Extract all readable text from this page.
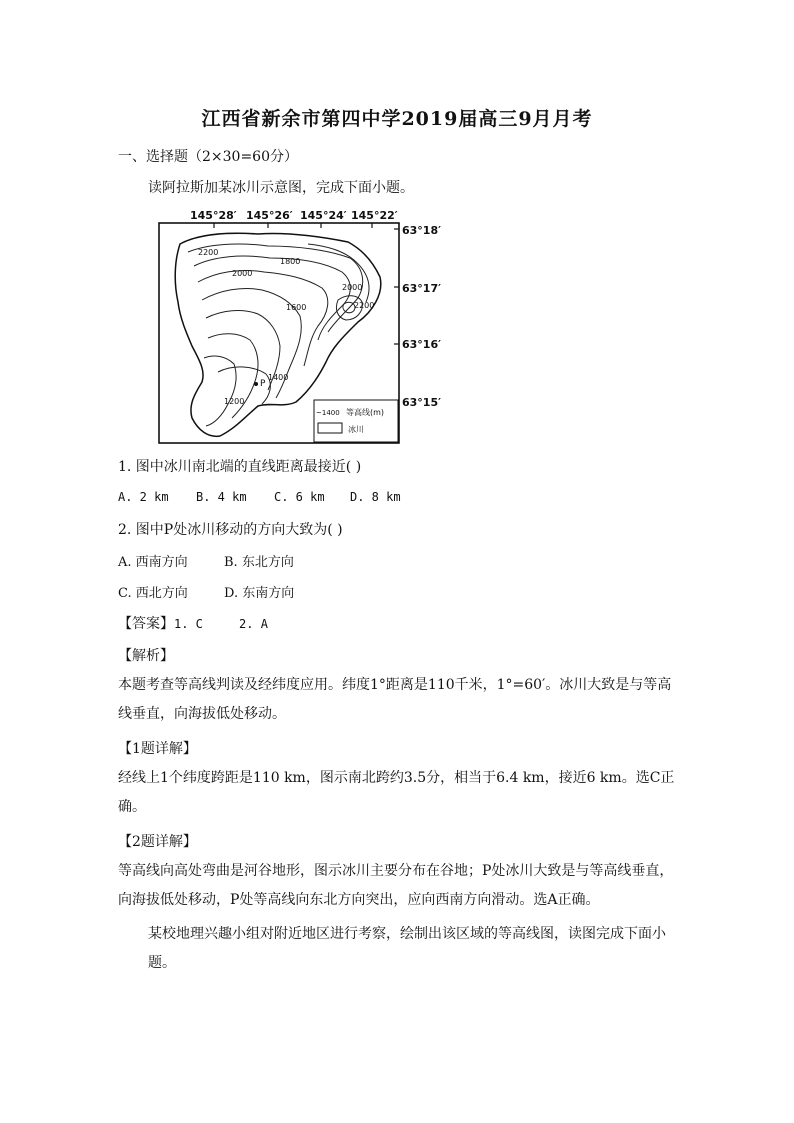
江西省新余市第四中学2019届高三9月月考
一、选择题（2×30=60分）
读阿拉斯加某冰川示意图，完成下面小题。
145°28′ 145°26′ 145°24′ 145°22′
63°18′
63°17′
63°16′
63°15′
2200
2000
1800
1600
2000
2200
1400
1200
P
~1400 等高线(m)
冰川
1. 图中冰川南北端的直线距离最接近( )
A. 2 km B. 4 km C. 6 km D. 8 km
2. 图中P处冰川移动的方向大致为( )
A. 西南方向	B. 东北方向
C. 西北方向	D. 东南方向
【答案】1. C     2. A
【解析】
本题考查等高线判读及经纬度应用。纬度1°距离是110千米，1°=60′。冰川大致是与等高线垂直，向海拔低处移动。
【1题详解】
经线上1个纬度跨距是110 km，图示南北跨约3.5分，相当于6.4 km，接近6 km。选C正确。
【2题详解】
等高线向高处弯曲是河谷地形，图示冰川主要分布在谷地；P处冰川大致是与等高线垂直，向海拔低处移动，P处等高线向东北方向突出，应向西南方向滑动。选A正确。
某校地理兴趣小组对附近地区进行考察，绘制出该区域的等高线图，读图完成下面小题。
